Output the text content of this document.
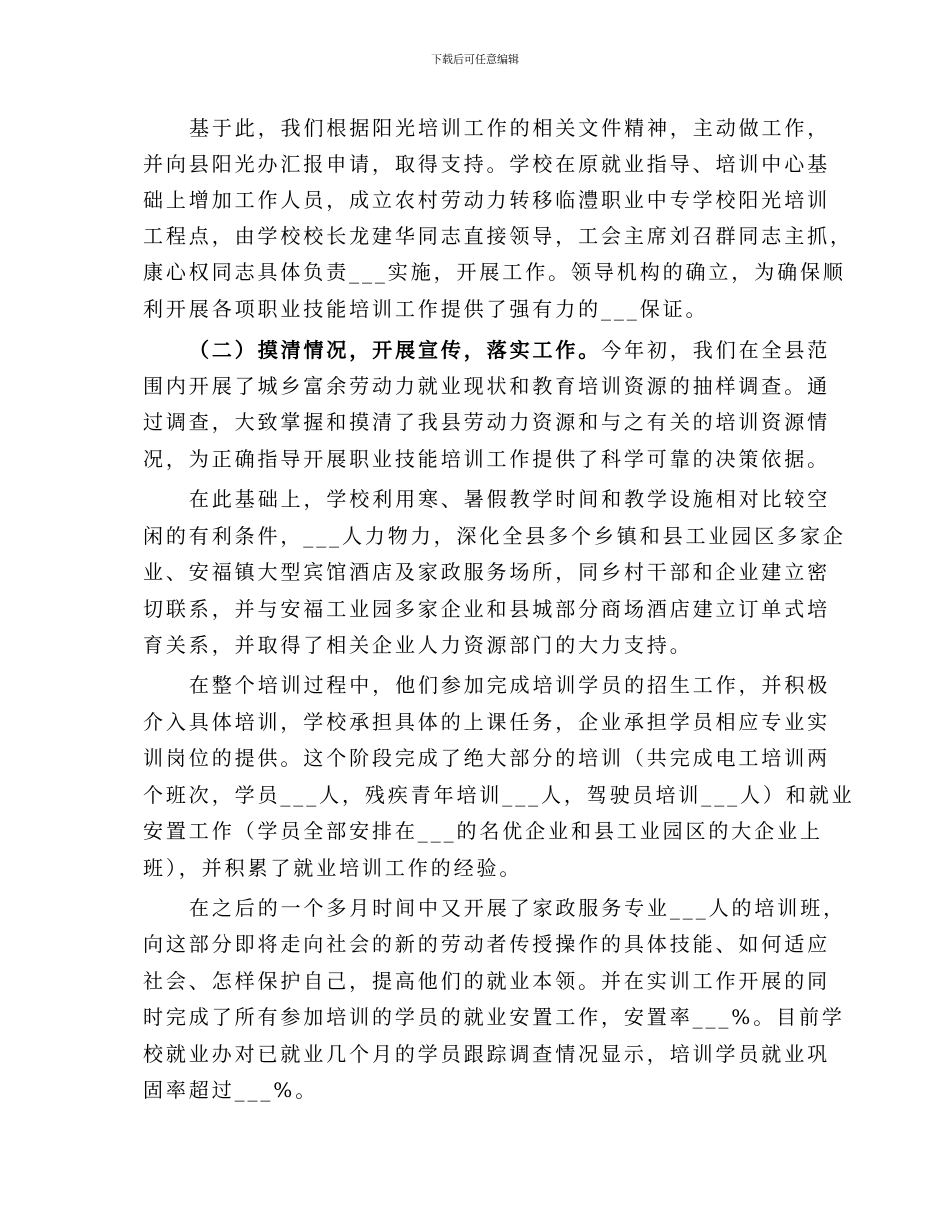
下载后可任意编辑
基于此，我们根据阳光培训工作的相关文件精神，主动做工作，
并向县阳光办汇报申请，取得支持。学校在原就业指导、培训中心基
础上增加工作人员，成立农村劳动力转移临澧职业中专学校阳光培训
工程点，由学校校长龙建华同志直接领导，工会主席刘召群同志主抓，
康心权同志具体负责___实施，开展工作。领导机构的确立，为确保顺
利开展各项职业技能培训工作提供了强有力的___保证。
（二）摸清情况，开展宣传，落实工作。今年初，我们在全县范
围内开展了城乡富余劳动力就业现状和教育培训资源的抽样调查。通
过调查，大致掌握和摸清了我县劳动力资源和与之有关的培训资源情
况，为正确指导开展职业技能培训工作提供了科学可靠的决策依据。
在此基础上，学校利用寒、暑假教学时间和教学设施相对比较空
闲的有利条件，___人力物力，深化全县多个乡镇和县工业园区多家企
业、安福镇大型宾馆酒店及家政服务场所，同乡村干部和企业建立密
切联系，并与安福工业园多家企业和县城部分商场酒店建立订单式培
育关系，并取得了相关企业人力资源部门的大力支持。
在整个培训过程中，他们参加完成培训学员的招生工作，并积极
介入具体培训，学校承担具体的上课任务，企业承担学员相应专业实
训岗位的提供。这个阶段完成了绝大部分的培训（共完成电工培训两
个班次，学员___人，残疾青年培训___人，驾驶员培训___人）和就业
安置工作（学员全部安排在___的名优企业和县工业园区的大企业上
班），并积累了就业培训工作的经验。
在之后的一个多月时间中又开展了家政服务专业___人的培训班，
向这部分即将走向社会的新的劳动者传授操作的具体技能、如何适应
社会、怎样保护自己，提高他们的就业本领。并在实训工作开展的同
时完成了所有参加培训的学员的就业安置工作，安置率___%。目前学
校就业办对已就业几个月的学员跟踪调查情况显示，培训学员就业巩
固率超过___%。
